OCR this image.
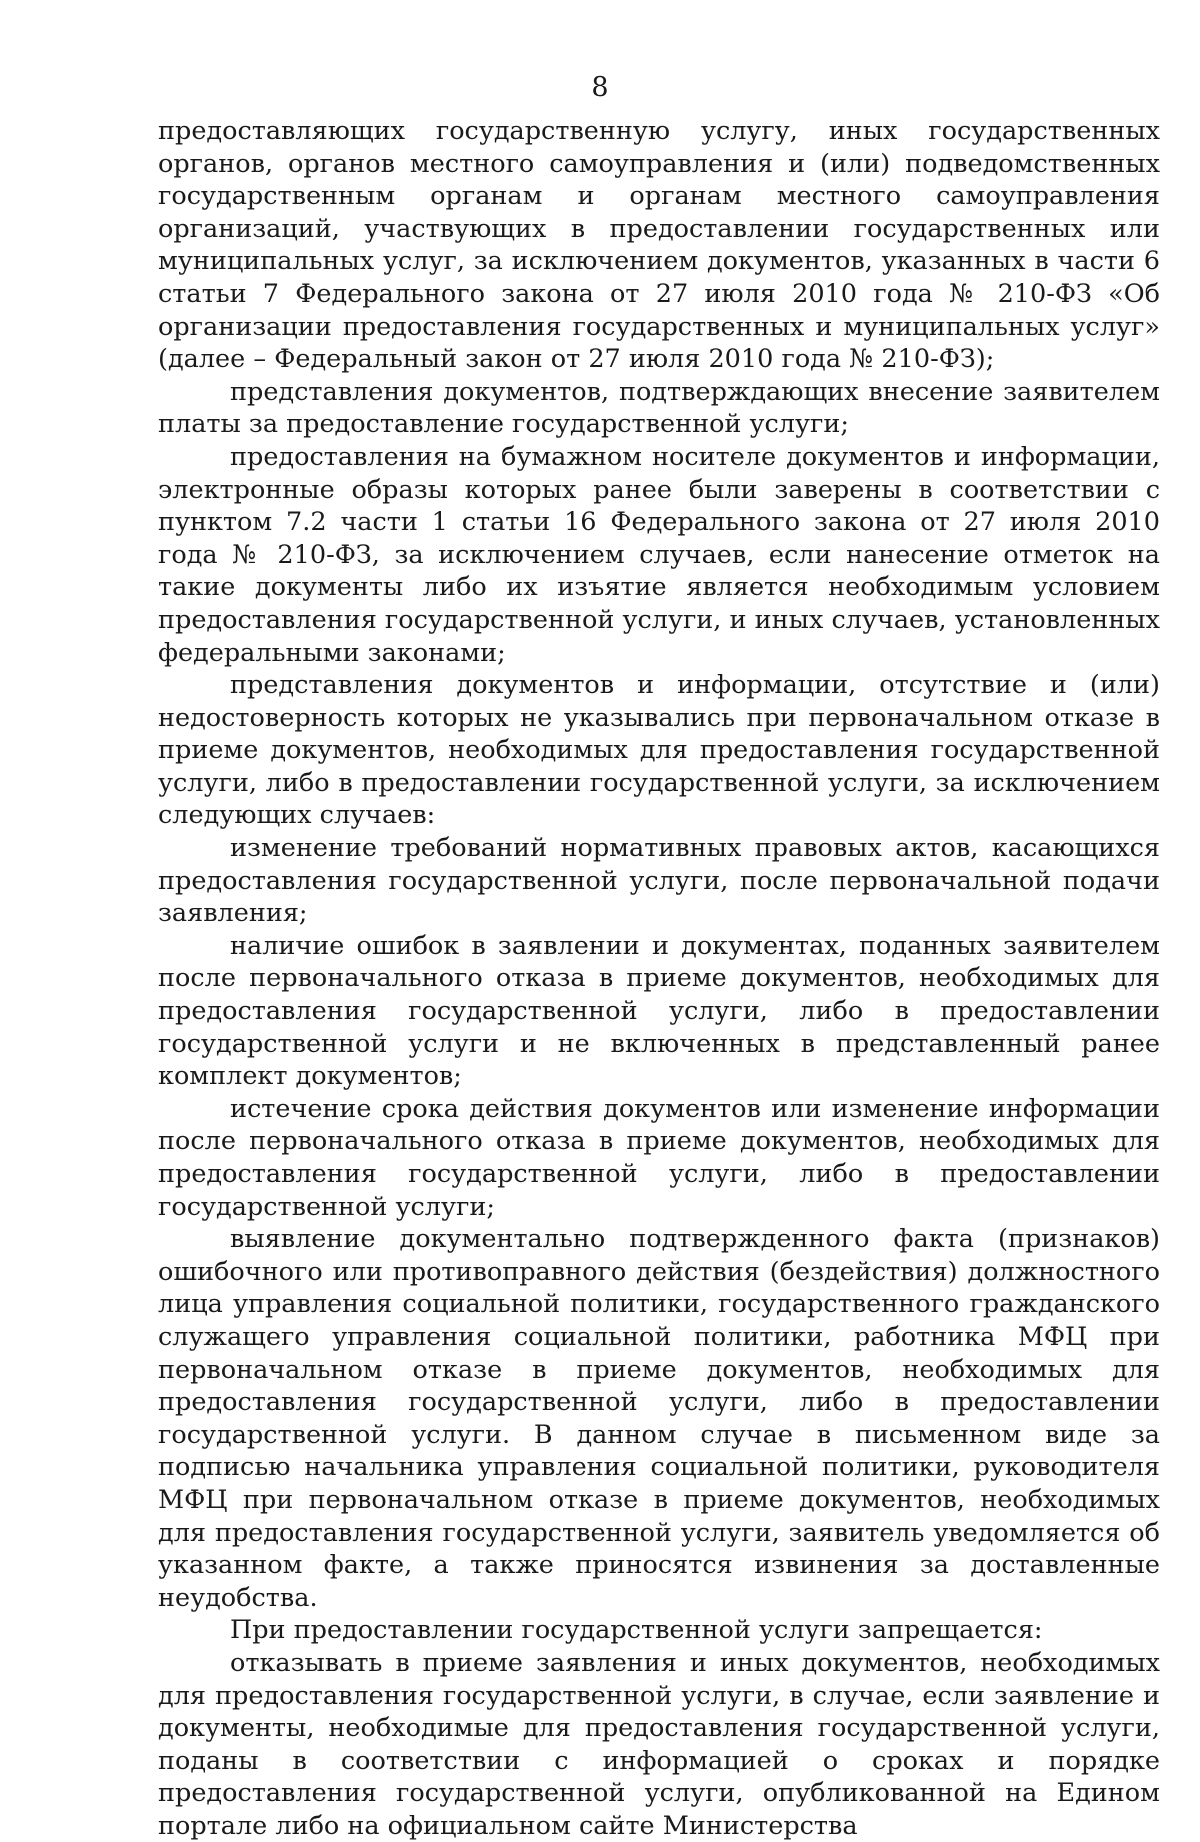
8

предоставляющих государственную услугу, иных государственных органов, органов местного самоуправления и (или) подведомственных государственным органам и органам местного самоуправления организаций, участвующих в предоставлении государственных или муниципальных услуг, за исключением документов, указанных в части 6 статьи 7 Федерального закона от 27 июля 2010 года № 210-ФЗ «Об организации предоставления государственных и муниципальных услуг» (далее – Федеральный закон от 27 июля 2010 года № 210-ФЗ);

представления документов, подтверждающих внесение заявителем платы за предоставление государственной услуги;

предоставления на бумажном носителе документов и информации, электронные образы которых ранее были заверены в соответствии с пунктом 7.2 части 1 статьи 16 Федерального закона от 27 июля 2010 года № 210-ФЗ, за исключением случаев, если нанесение отметок на такие документы либо их изъятие является необходимым условием предоставления государственной услуги, и иных случаев, установленных федеральными законами;

представления документов и информации, отсутствие и (или) недостоверность которых не указывались при первоначальном отказе в приеме документов, необходимых для предоставления государственной услуги, либо в предоставлении государственной услуги, за исключением следующих случаев:

изменение требований нормативных правовых актов, касающихся предоставления государственной услуги, после первоначальной подачи заявления;

наличие ошибок в заявлении и документах, поданных заявителем после первоначального отказа в приеме документов, необходимых для предоставления государственной услуги, либо в предоставлении государственной услуги и не включенных в представленный ранее комплект документов;

истечение срока действия документов или изменение информации после первоначального отказа в приеме документов, необходимых для предоставления государственной услуги, либо в предоставлении государственной услуги;

выявление документально подтвержденного факта (признаков) ошибочного или противоправного действия (бездействия) должностного лица управления социальной политики, государственного гражданского служащего управления социальной политики, работника МФЦ при первоначальном отказе в приеме документов, необходимых для предоставления государственной услуги, либо в предоставлении государственной услуги. В данном случае в письменном виде за подписью начальника управления социальной политики, руководителя МФЦ при первоначальном отказе в приеме документов, необходимых для предоставления государственной услуги, заявитель уведомляется об указанном факте, а также приносятся извинения за доставленные неудобства.

При предоставлении государственной услуги запрещается:

отказывать в приеме заявления и иных документов, необходимых для предоставления государственной услуги, в случае, если заявление и документы, необходимые для предоставления государственной услуги, поданы в соответствии с информацией о сроках и порядке предоставления государственной услуги, опубликованной на Едином портале либо на официальном сайте Министерства
